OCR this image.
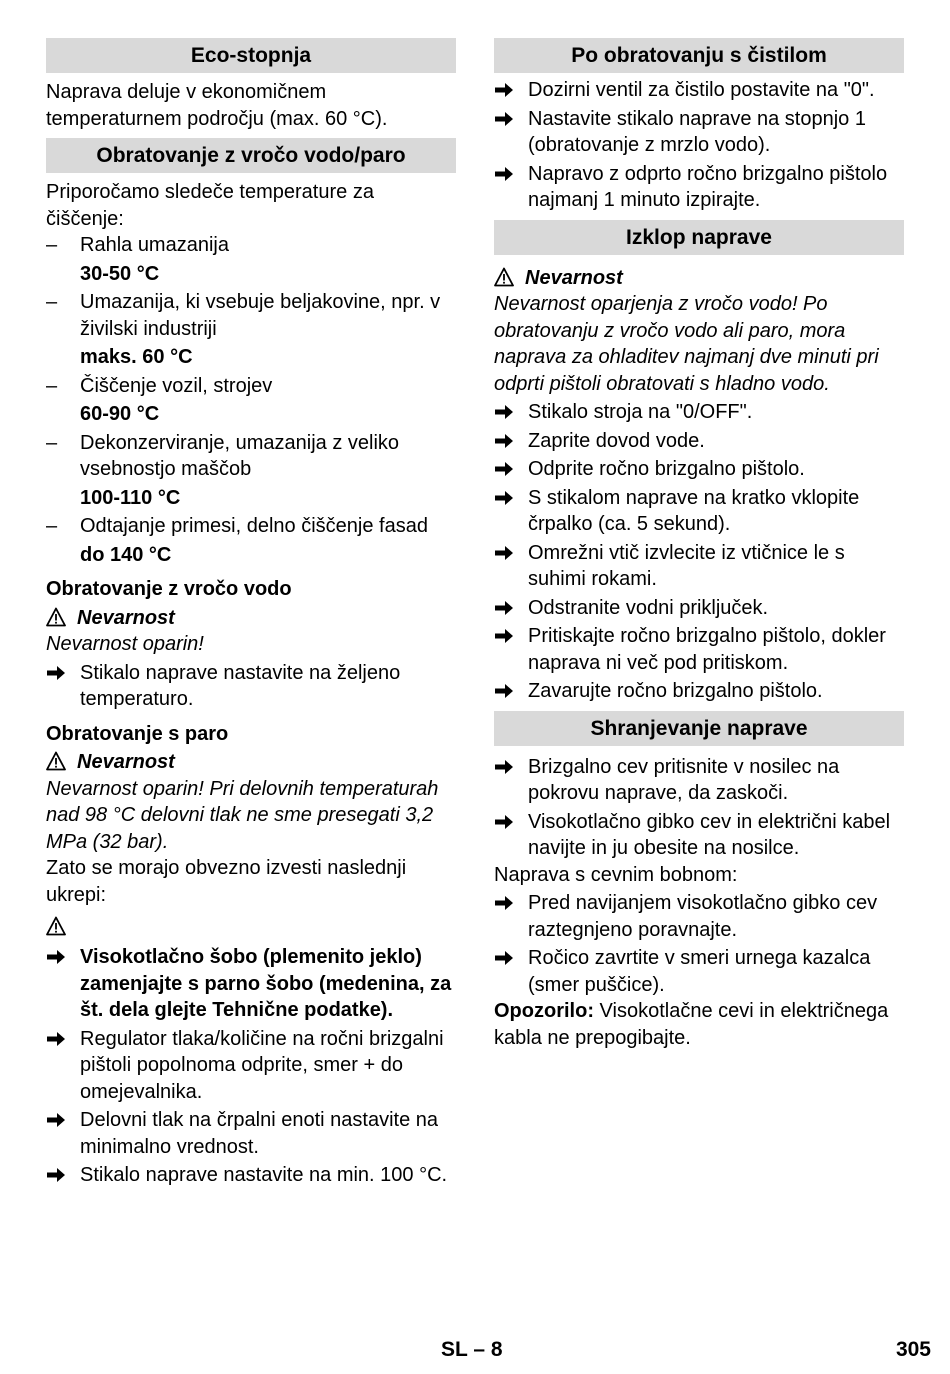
Eco-stopnja

Naprava deluje v ekonomičnem temperaturnem področju (max. 60 °C).

Obratovanje z vročo vodo/paro

Priporočamo sledeče temperature za čiščenje:

–	Rahla umazanija
30-50 °C
–	Umazanija, ki vsebuje beljakovine, npr. v živilski industriji
maks. 60 °C
–	Čiščenje vozil, strojev
60-90 °C
–	Dekonzerviranje, umazanija z veliko vsebnostjo maščob
100-110 °C
–	Odtajanje primesi, delno čiščenje fasad
do 140 °C
Obratovanje z vročo vodo
Nevarnost

Nevarnost oparin!

Stikalo naprave nastavite na željeno temperaturo.
Obratovanje s paro
Nevarnost

Nevarnost oparin! Pri delovnih temperaturah nad 98 °C delovni tlak ne sme presegati 3,2 MPa (32 bar).

Zato se morajo obvezno izvesti naslednji ukrepi:

Visokotlačno šobo (plemenito jeklo) zamenjajte s parno šobo (medenina, za št. dela glejte Tehnične podatke).
Regulator tlaka/količine na ročni brizgalni pištoli popolnoma odprite, smer + do omejevalnika.
Delovni tlak na črpalni enoti nastavite na minimalno vrednost.
Stikalo naprave nastavite na min. 100 °C.
Po obratovanju s čistilom
Dozirni ventil za čistilo postavite na "0".
Nastavite stikalo naprave na stopnjo 1 (obratovanje z mrzlo vodo).
Napravo z odprto ročno brizgalno pištolo najmanj 1 minuto izpirajte.
Izklop naprave
Nevarnost

Nevarnost oparjenja z vročo vodo! Po obratovanju z vročo vodo ali paro, mora naprava za ohladitev najmanj dve minuti pri odprti pištoli obratovati s hladno vodo.

Stikalo stroja na "0/OFF".
Zaprite dovod vode.
Odprite ročno brizgalno pištolo.
S stikalom naprave na kratko vklopite črpalko (ca. 5 sekund).
Omrežni vtič izvlecite iz vtičnice le s suhimi rokami.
Odstranite vodni priključek.
Pritiskajte ročno brizgalno pištolo, dokler naprava ni več pod pritiskom.
Zavarujte ročno brizgalno pištolo.
Shranjevanje naprave
Brizgalno cev pritisnite v nosilec na pokrovu naprave, da zaskoči.
Visokotlačno gibko cev in električni kabel navijte in ju obesite na nosilce.

Naprava s cevnim bobnom:

Pred navijanjem visokotlačno gibko cev raztegnjeno poravnajte.
Ročico zavrtite v smeri urnega kazalca (smer puščice).

Opozorilo: Visokotlačne cevi in električnega kabla ne prepogibajte.

SL – 8	305
